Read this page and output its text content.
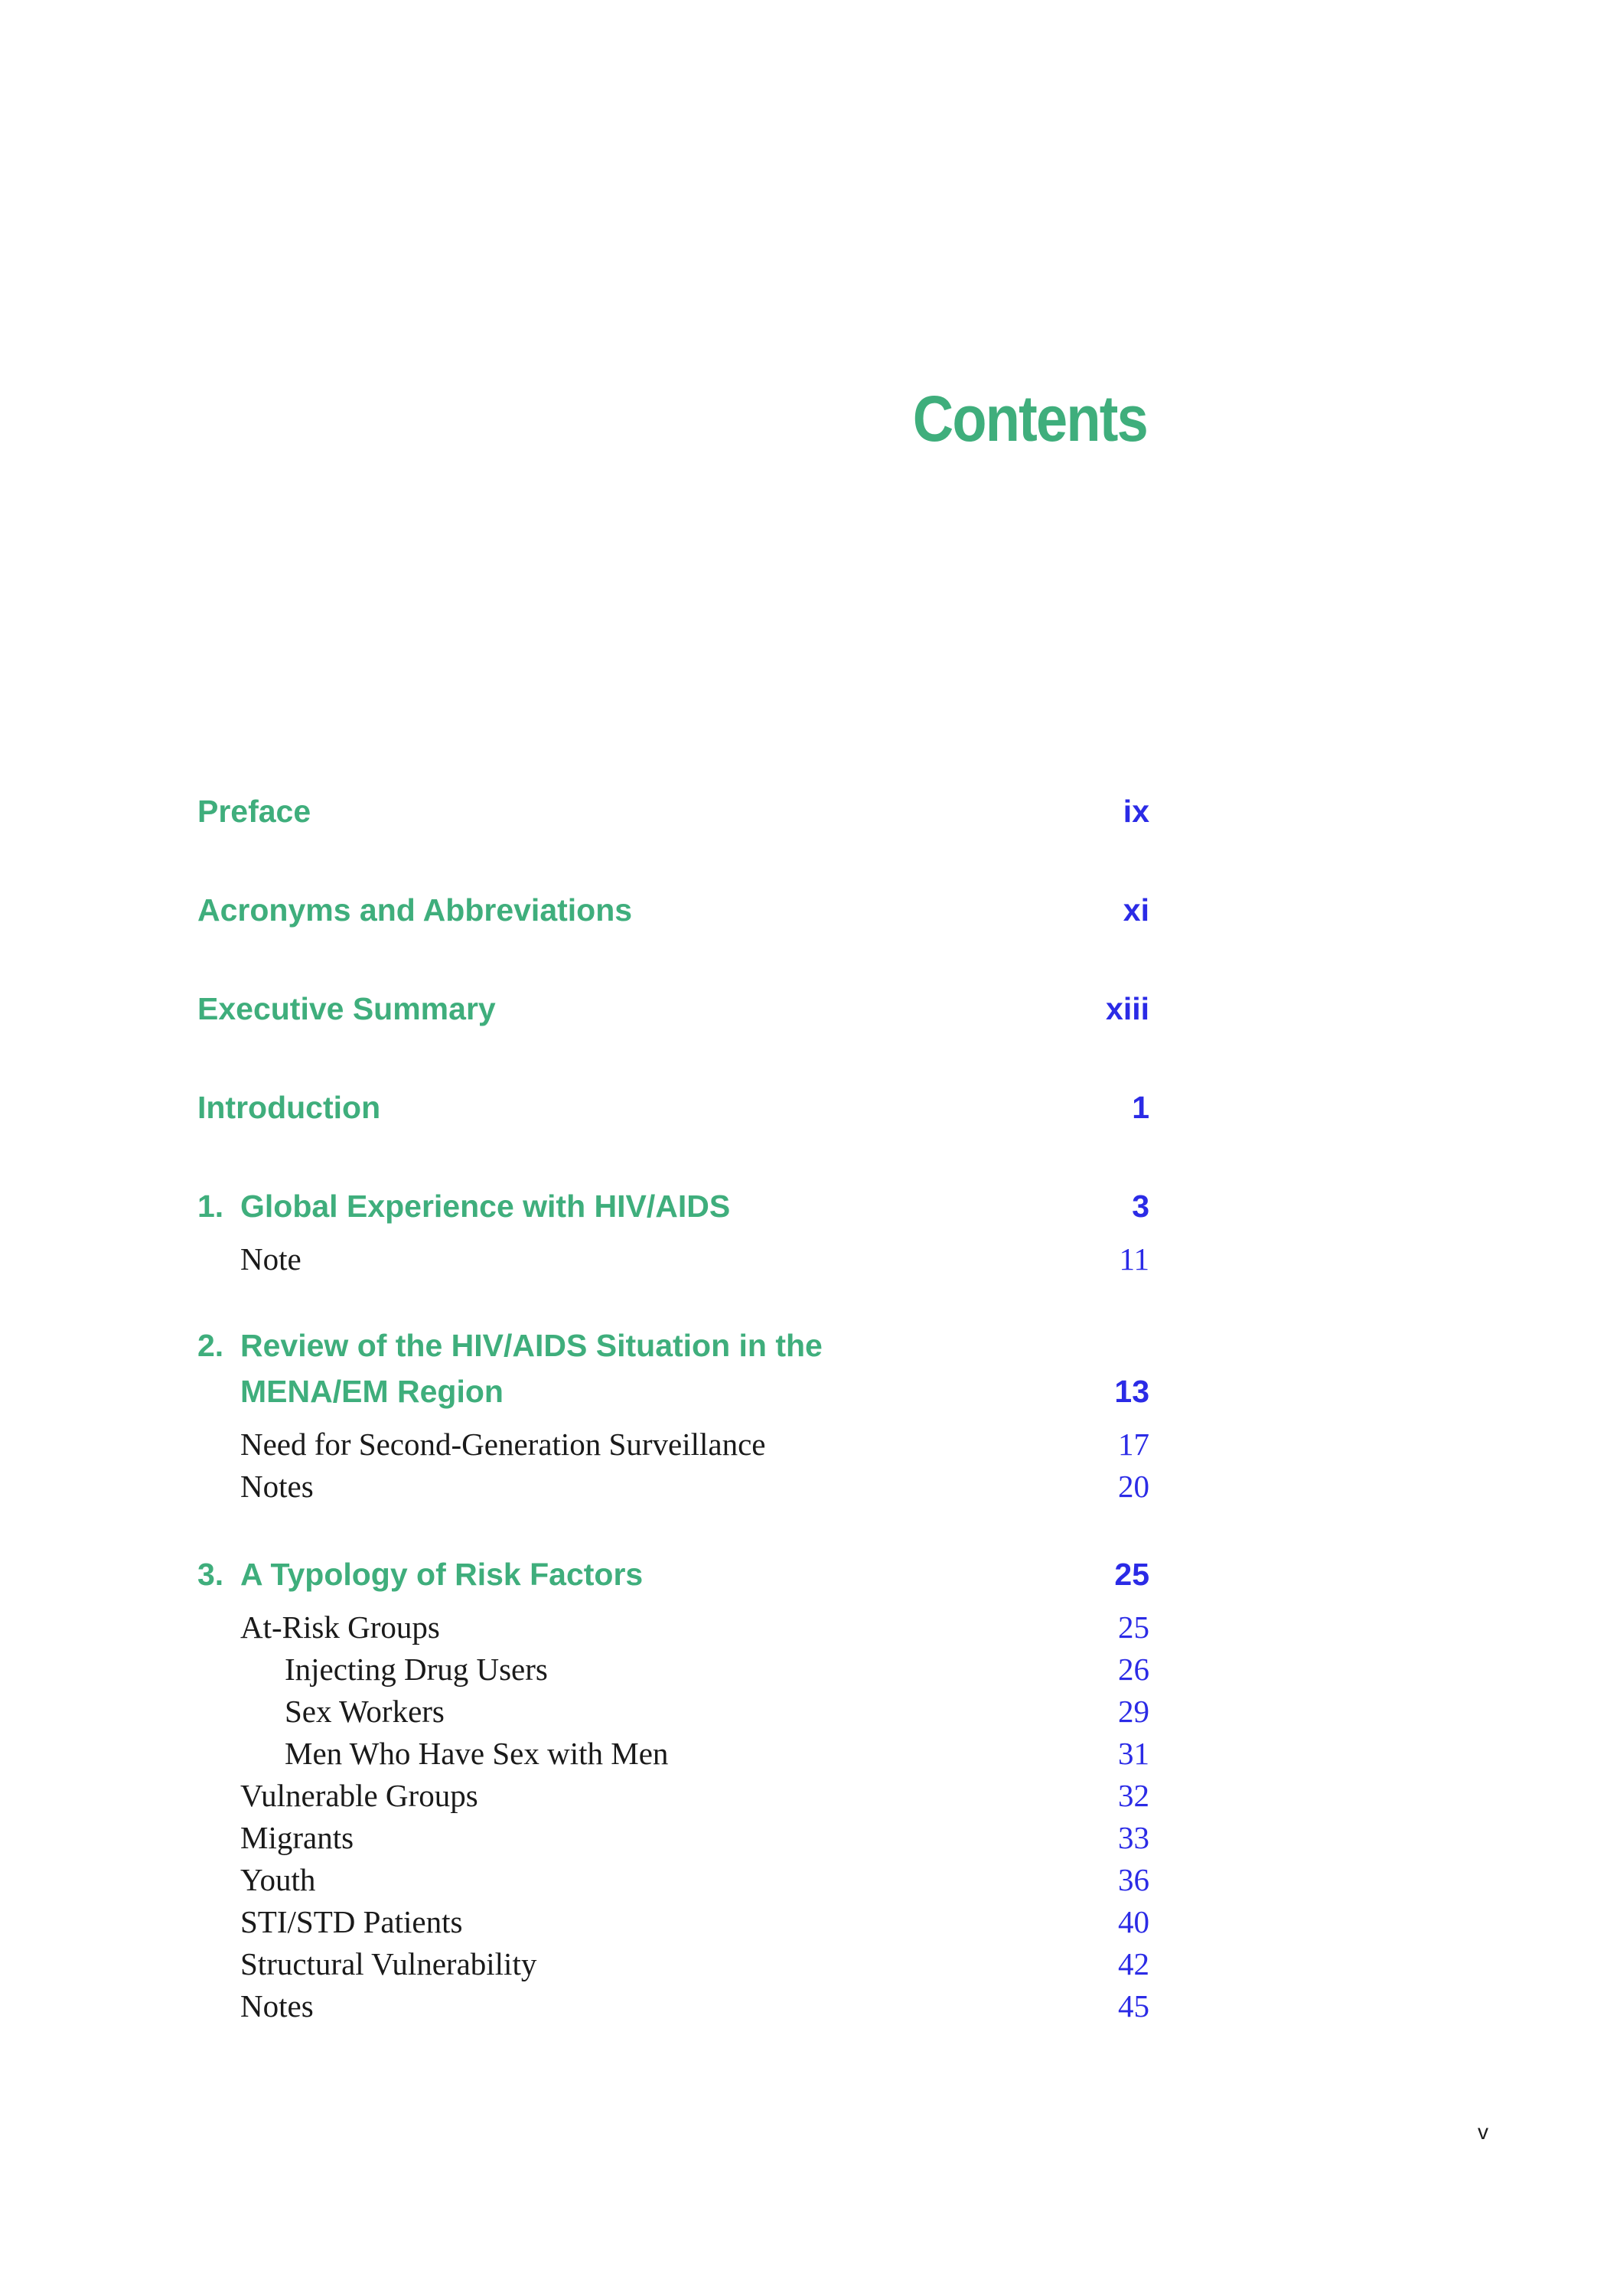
Contents
Preface	ix
Acronyms and Abbreviations	xi
Executive Summary	xiii
Introduction	1
1. Global Experience with HIV/AIDS	3
Note	11
2. Review of the HIV/AIDS Situation in the
MENA/EM Region	13
Need for Second-Generation Surveillance	17
Notes	20
3. A Typology of Risk Factors	25
At-Risk Groups	25
Injecting Drug Users	26
Sex Workers	29
Men Who Have Sex with Men	31
Vulnerable Groups	32
Migrants	33
Youth	36
STI/STD Patients	40
Structural Vulnerability	42
Notes	45
v
